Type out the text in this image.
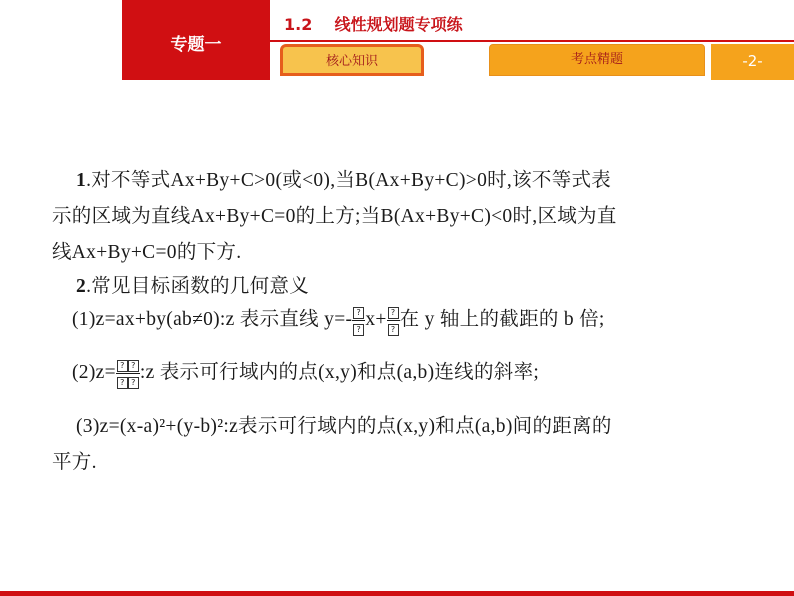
专题一
1.2    线性规划题专项练
核心知识	考点精题	-2-
1.对不等式Ax+By+C>0(或<0),当B(Ax+By+C)>0时,该不等式表
示的区域为直线Ax+By+C=0的上方;当B(Ax+By+C)<0时,区域为直
线Ax+By+C=0的下方.
2.常见目标函数的几何意义
(1)z=ax+by(ab≠0):z 表示直线 $y=- \frac{?}{?} x+ \frac{?}{?}$ 在 y 轴上的截距的 b 倍;
$(2)z= \frac{? ?}{? ?}$ :z 表示可行域内的点(x,y)和点(a,b)连线的斜率;
(3)z=(x-a)²+(y-b)²:z表示可行域内的点(x,y)和点(a,b)间的距离的
平方.
